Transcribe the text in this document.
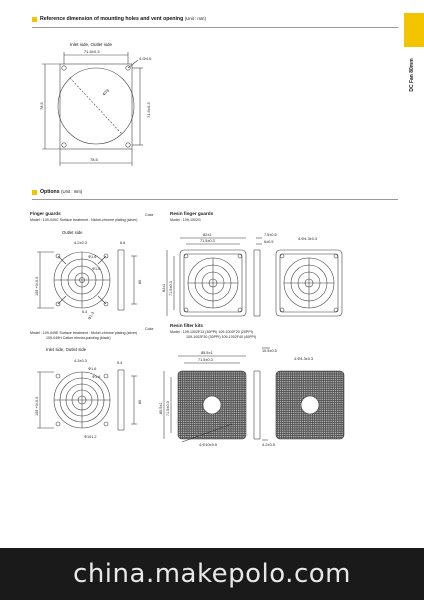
DC Fan 80mm
Reference dimension of mounting holes and vent opening (Unit : mm)
Inlet side, Outlet side
71.5±0.3
4-Φ4.5
78.5	71.5±0.3
78.5
Φ76
Options (Unit : mm)
Finger guards	Color
Model : 109-049C Surface treatment : Nickel-chrome plating (silver)
Outlet side
4-2±0.3	6.6
Φ1.6
Φ1.6
105 +0/-0.5	80
5.4 Φ1.3
Color
Model : 109-049E Surface treatment : Nickel-chrome plating (silver)
109-049H Cation electro-painting (black)
Inlet side, Outlet side
4-3±0.3
Φ1.6
Φ1.6
105 +0/-0.5	80
5.4
Φ101.2
Resin finger guards
Model : 109-1002G
82±1
71.5±0.3
82±1 71.5±0.3
7.5±0.5
6±0.5
4-Φ4.3±0.3
Resin filter kits
Model : 109-1002F13 (30PPI) 109-1002F20 (20PPI)
109-1002F30 (30PPI) 109-1002F40 (40PPI)
85.5±1
71.5±0.3
85.5±1 71.5±0.3
4-Φ10±0.5
10.5±0.5
4-Φ4.3±0.3
4-2±0.5
china.makepolo.com
